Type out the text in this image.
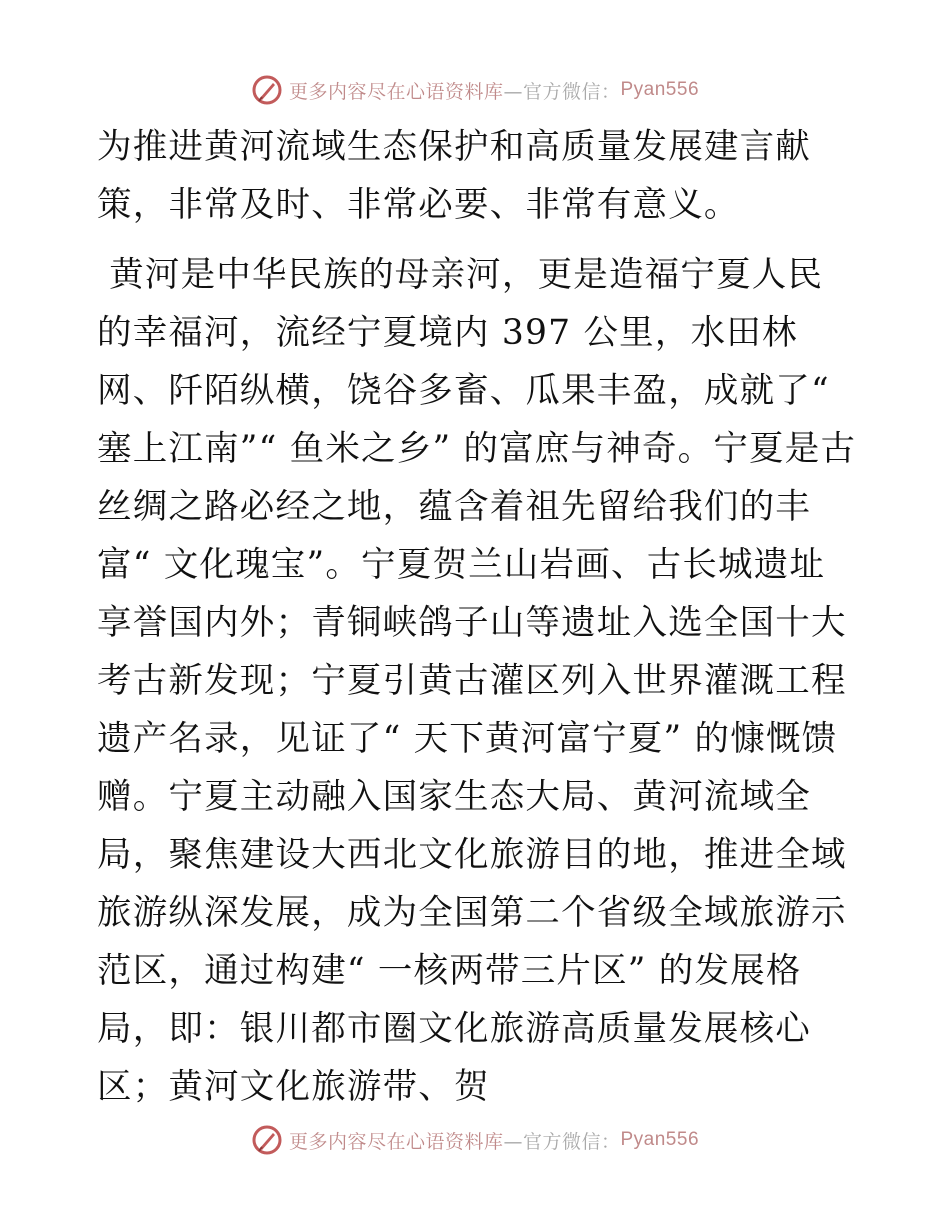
更多内容尽在心语资料库 —官方微信： Pyan556

为推进黄河流域生态保护和高质量发展建言献策，非常及时、非常必要、非常有意义。

黄河是中华民族的母亲河，更是造福宁夏人民的幸福河，流经宁夏境内 397 公里，水田林网、阡陌纵横，饶谷多畜、瓜果丰盈，成就了“ 塞上江南”“ 鱼米之乡” 的富庶与神奇。宁夏是古丝绸之路必经之地，蕴含着祖先留给我们的丰富“ 文化瑰宝”。宁夏贺兰山岩画、古长城遗址享誉国内外；青铜峡鸽子山等遗址入选全国十大考古新发现；宁夏引黄古灌区列入世界灌溉工程遗产名录，见证了“ 天下黄河富宁夏” 的慷慨馈赠。宁夏主动融入国家生态大局、黄河流域全局，聚焦建设大西北文化旅游目的地，推进全域旅游纵深发展，成为全国第二个省级全域旅游示范区，通过构建“ 一核两带三片区” 的发展格局，即：银川都市圈文化旅游高质量发展核心区；黄河文化旅游带、贺

更多内容尽在心语资料库 —官方微信： Pyan556
